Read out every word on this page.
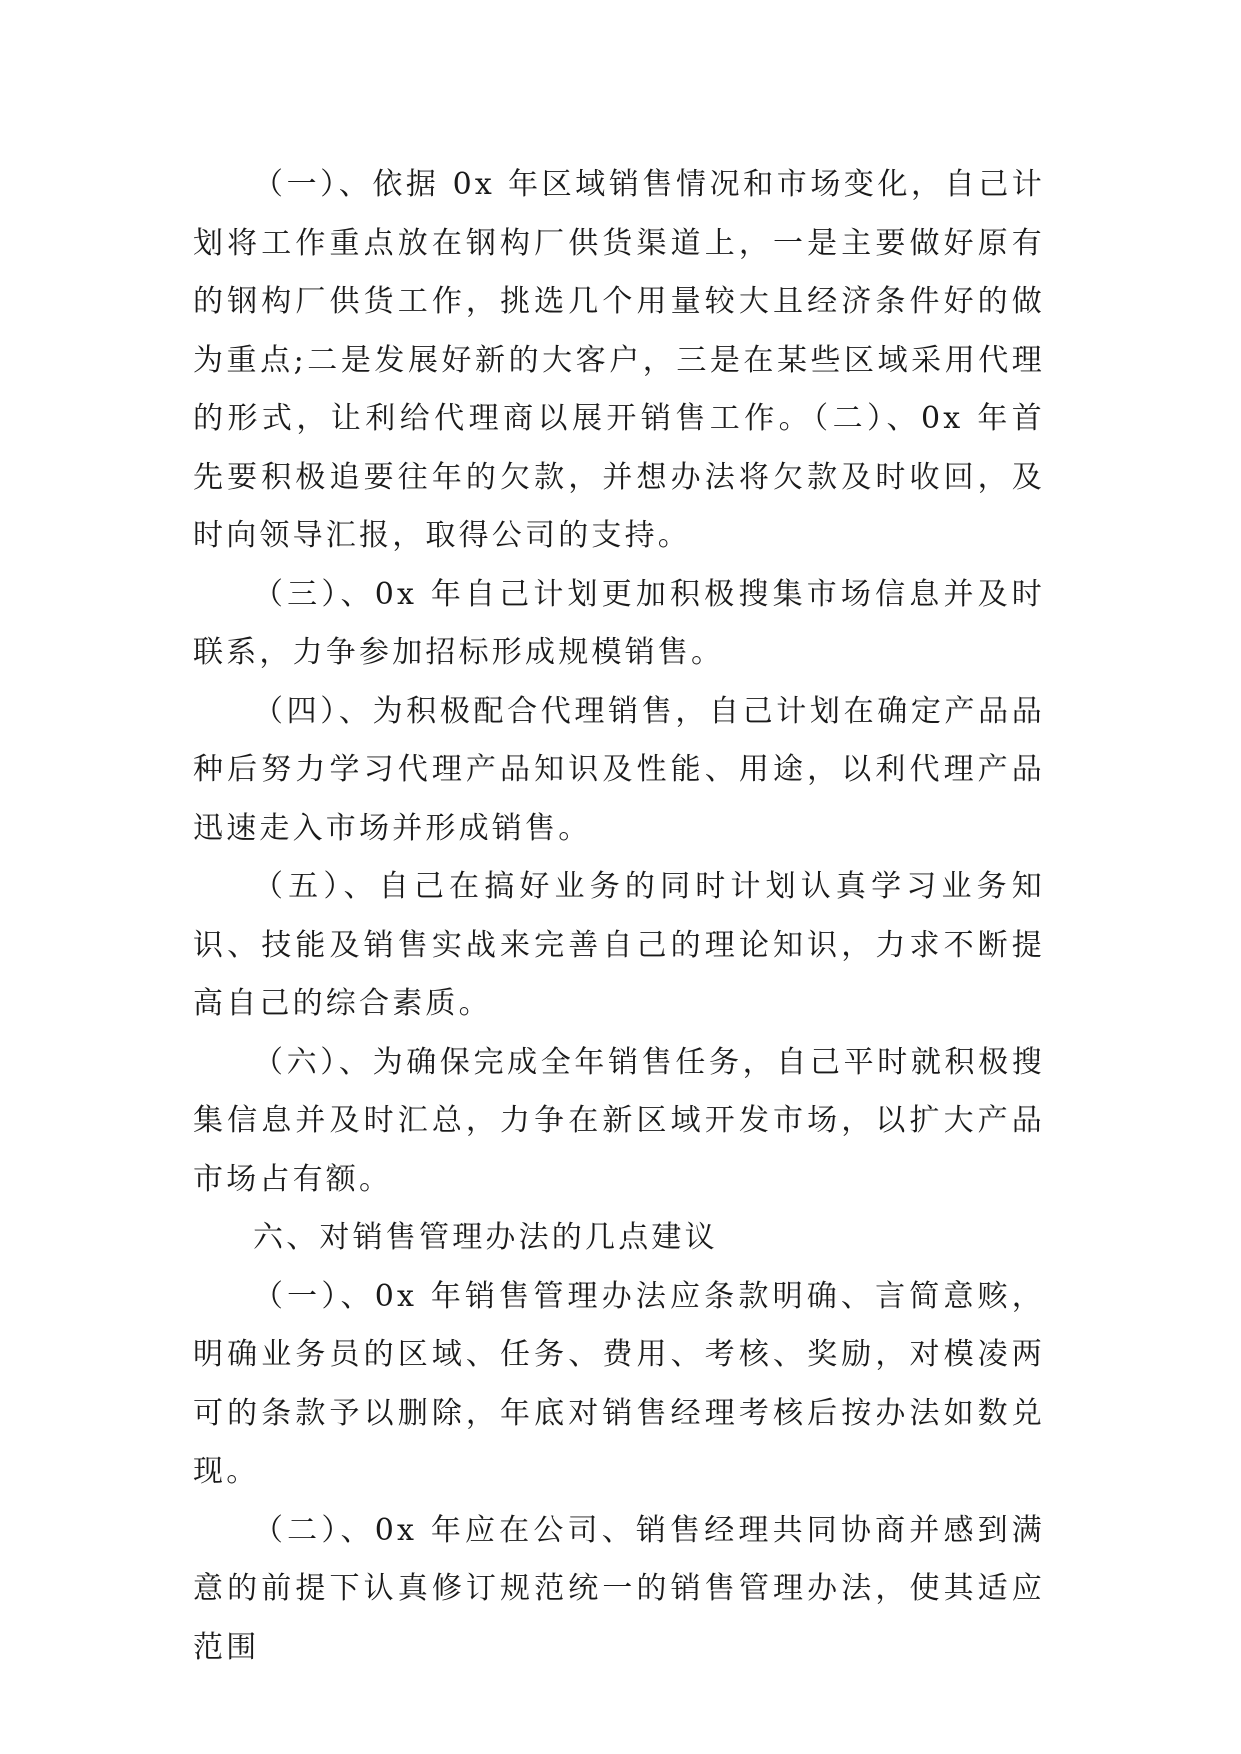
（一）、依据 0x 年区域销售情况和市场变化，自己计划将工作重点放在钢构厂供货渠道上，一是主要做好原有的钢构厂供货工作，挑选几个用量较大且经济条件好的做为重点;二是发展好新的大客户，三是在某些区域采用代理的形式，让利给代理商以展开销售工作。（二）、0x 年首先要积极追要往年的欠款，并想办法将欠款及时收回，及时向领导汇报，取得公司的支持。

（三）、0x 年自己计划更加积极搜集市场信息并及时联系，力争参加招标形成规模销售。

（四）、为积极配合代理销售，自己计划在确定产品品种后努力学习代理产品知识及性能、用途，以利代理产品迅速走入市场并形成销售。

（五）、自己在搞好业务的同时计划认真学习业务知识、技能及销售实战来完善自己的理论知识，力求不断提高自己的综合素质。

（六）、为确保完成全年销售任务，自己平时就积极搜集信息并及时汇总，力争在新区域开发市场，以扩大产品市场占有额。

六、对销售管理办法的几点建议

（一）、0x 年销售管理办法应条款明确、言简意赅，明确业务员的区域、任务、费用、考核、奖励，对模凌两可的条款予以删除，年底对销售经理考核后按办法如数兑现。

（二）、0x 年应在公司、销售经理共同协商并感到满意的前提下认真修订规范统一的销售管理办法，使其适应范围
